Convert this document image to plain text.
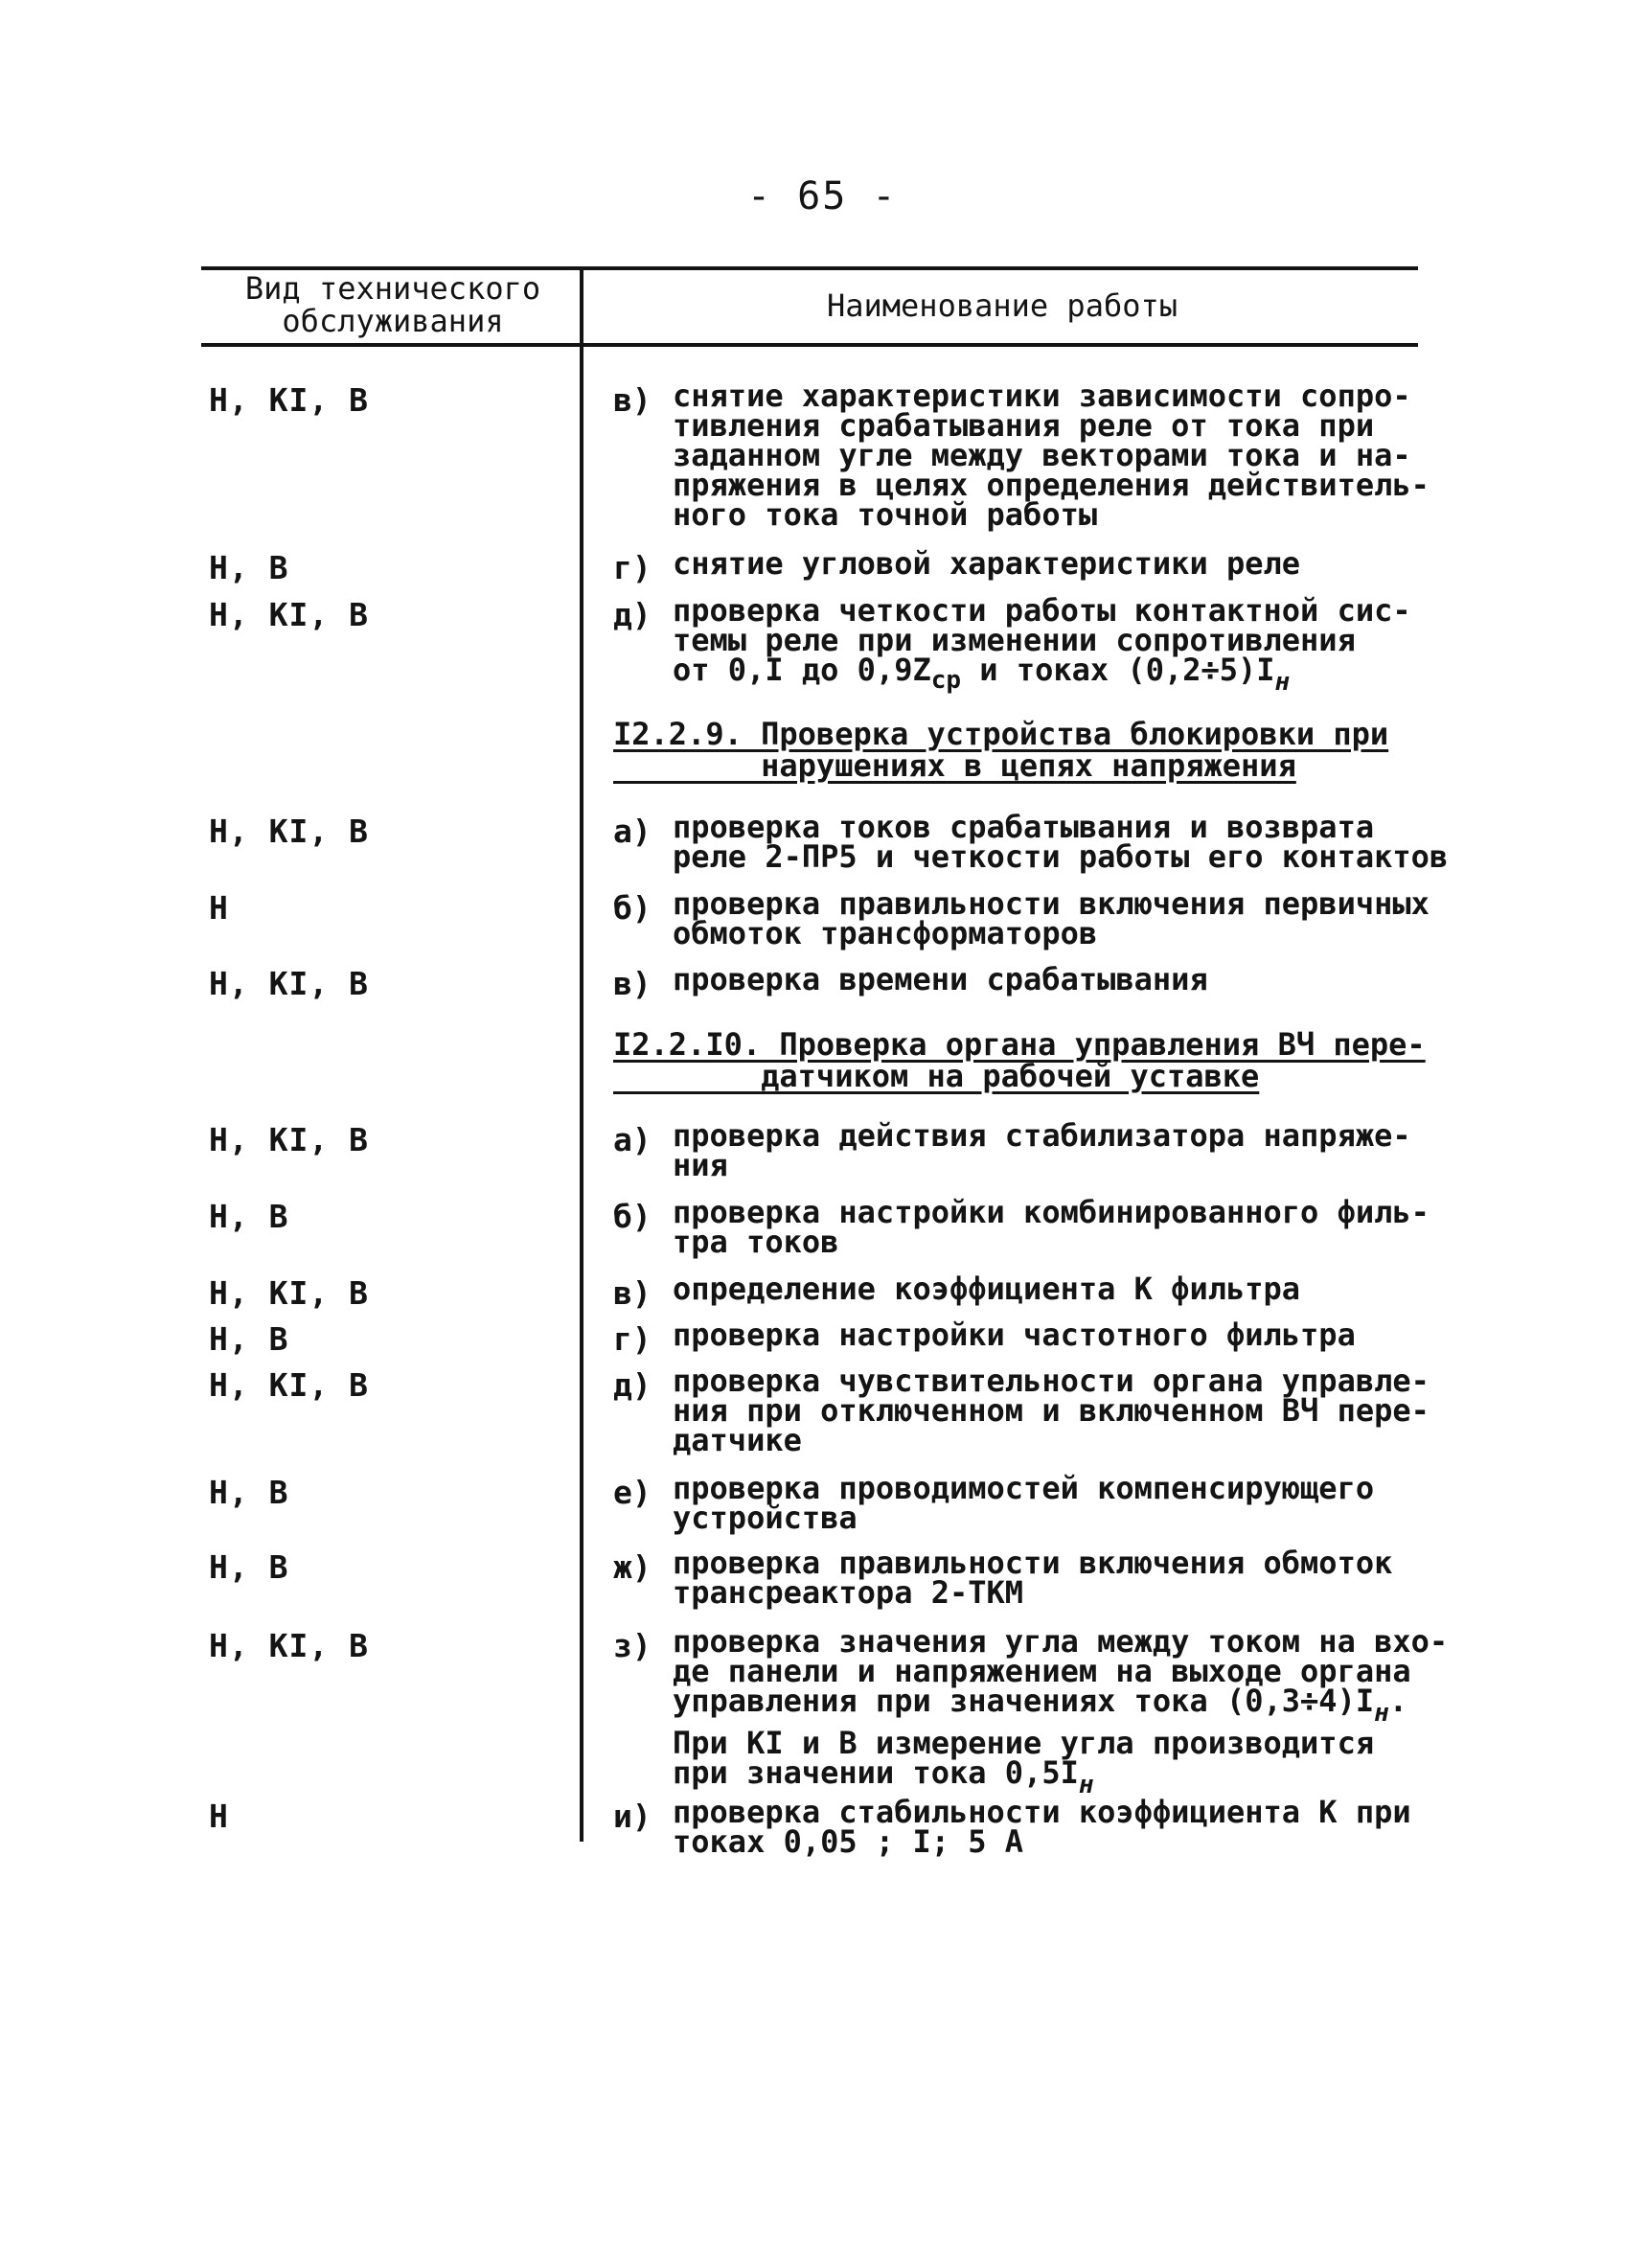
- 65 -
Вид технического
обслуживания	Наименование работы
Н, КI, В	в) снятие характеристики зависимости сопро-
тивления срабатывания реле от тока при
заданном угле между векторами тока и на-
пряжения в целях определения действитель-
ного тока точной работы
Н, В	г) снятие угловой характеристики реле
Н, КI, В	д) проверка четкости работы контактной сис-
темы реле при изменении сопротивления
от 0,I до $0,9Z_{ср}$ и токах $(0,2\div 5)I_н$
I2.2.9. Проверка устройства блокировки при
нарушениях в цепях напряжения
Н, КI, В	а) проверка токов срабатывания и возврата
реле 2-ПР5 и четкости работы его контактов
Н	б) проверка правильности включения первичных
обмоток трансформаторов
Н, КI, В	в) проверка времени срабатывания
I2.2.I0. Проверка органа управления ВЧ пере-
датчиком на рабочей уставке
Н, КI, В	а) проверка действия стабилизатора напряже-
ния
Н, В	б) проверка настройки комбинированного филь-
тра токов
Н, КI, В	в) определение коэффициента К фильтра
Н, В	г) проверка настройки частотного фильтра
Н, КI, В	д) проверка чувствительности органа управле-
ния при отключенном и включенном ВЧ пере-
датчике
Н, В	е) проверка проводимостей компенсирующего
устройства
Н, В	ж) проверка правильности включения обмоток
трансреактора 2-ТКМ
Н, КI, В	з) проверка значения угла между током на вхо-
де панели и напряжением на выходе органа
управления при значениях тока $(0,3\div 4)I_н$.
При КI и В измерение угла производится
при значении тока $0,5I_н$
Н	и) проверка стабильности коэффициента К при
токах 0,05 ; I; 5 А
